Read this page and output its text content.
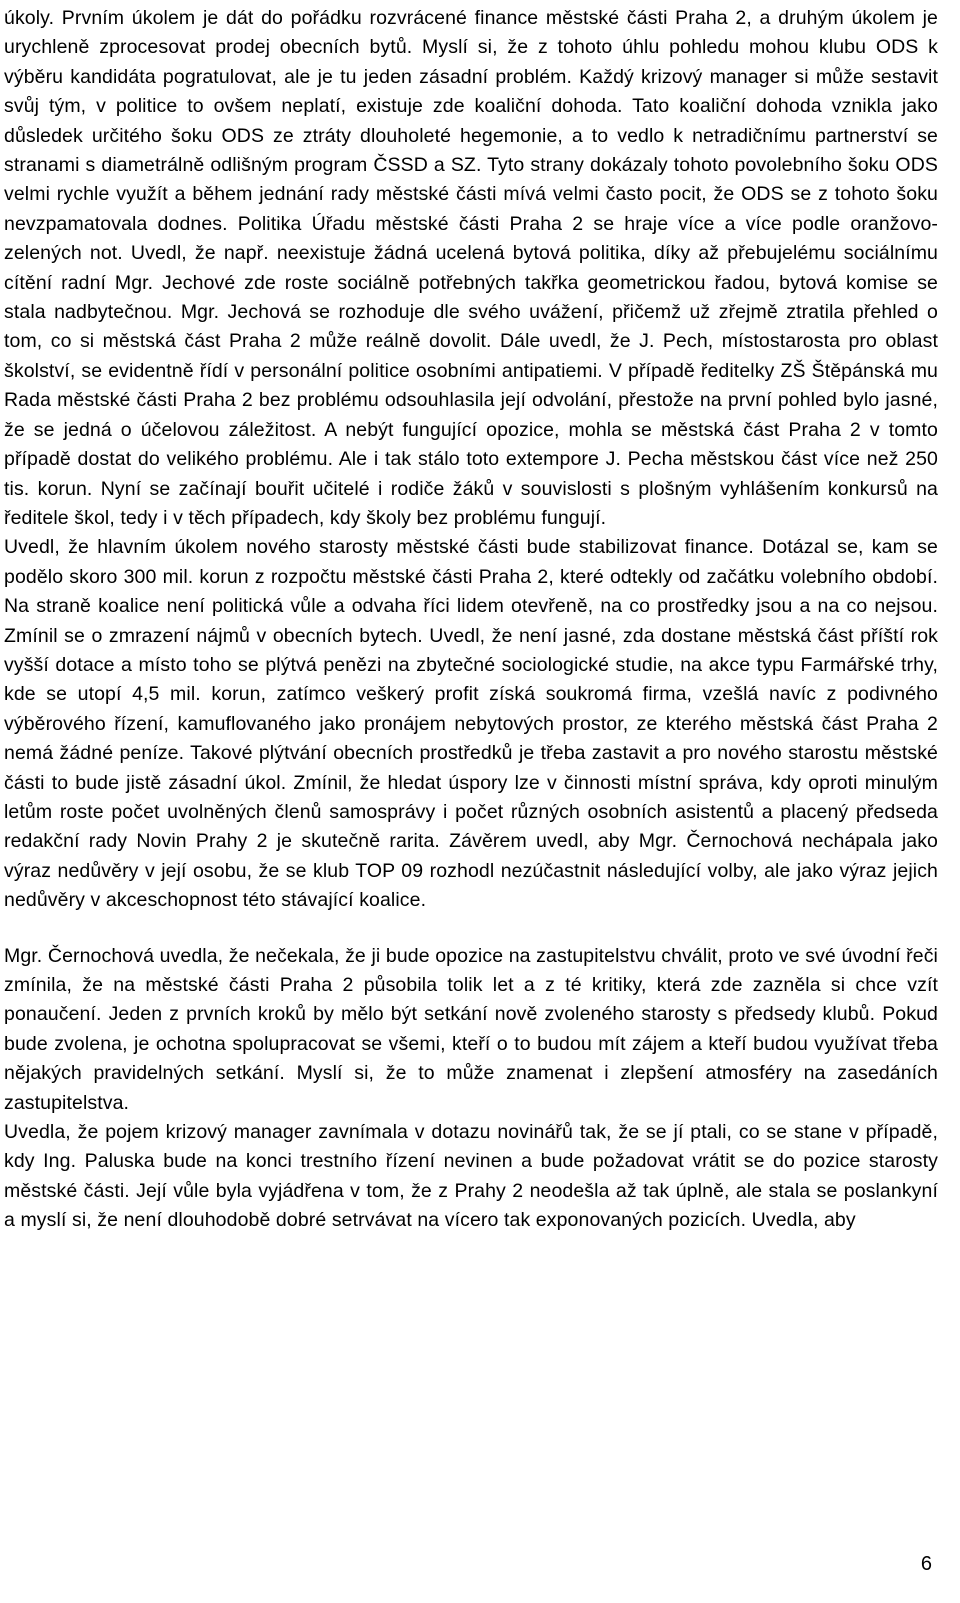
úkoly. Prvním úkolem je dát do pořádku rozvrácené finance městské části Praha 2, a druhým úkolem je urychleně zprocesovat prodej obecních bytů. Myslí si, že z tohoto úhlu pohledu mohou klubu ODS k výběru kandidáta pogratulovat, ale je tu jeden zásadní problém. Každý krizový manager si může sestavit svůj tým, v politice to ovšem neplatí, existuje zde koaliční dohoda. Tato koaliční dohoda vznikla jako důsledek určitého šoku ODS ze ztráty dlouholeté hegemonie, a to vedlo k netradičnímu partnerství se stranami s diametrálně odlišným program ČSSD a SZ. Tyto strany dokázaly tohoto povolebního šoku ODS velmi rychle využít a během jednání rady městské části mívá velmi často pocit, že ODS se z tohoto šoku nevzpamatovala dodnes. Politika Úřadu městské části Praha 2 se hraje více a více podle oranžovo-zelených not. Uvedl, že např. neexistuje žádná ucelená bytová politika, díky až přebujelému sociálnímu cítění radní Mgr. Jechové zde roste sociálně potřebných takřka geometrickou řadou, bytová komise se stala nadbytečnou. Mgr. Jechová se rozhoduje dle svého uvážení, přičemž už zřejmě ztratila přehled o tom, co si městská část Praha 2 může reálně dovolit. Dále uvedl, že J. Pech, místostarosta pro oblast školství, se evidentně řídí v personální politice osobními antipatiemi. V případě ředitelky ZŠ Štěpánská mu Rada městské části Praha 2 bez problému odsouhlasila její odvolání, přestože na první pohled bylo jasné, že se jedná o účelovou záležitost. A nebýt fungující opozice, mohla se městská část Praha 2 v tomto případě dostat do velikého problému. Ale i tak stálo toto extempore J. Pecha městskou část více než 250 tis. korun. Nyní se začínají bouřit učitelé i rodiče žáků v souvislosti s plošným vyhlášením konkursů na ředitele škol, tedy i v těch případech, kdy školy bez problému fungují.

Uvedl, že hlavním úkolem nového starosty městské části bude stabilizovat finance. Dotázal se, kam se podělo skoro 300 mil. korun z rozpočtu městské části Praha 2, které odtekly od začátku volebního období. Na straně koalice není politická vůle a odvaha říci lidem otevřeně, na co prostředky jsou a na co nejsou. Zmínil se o zmrazení nájmů v obecních bytech. Uvedl, že není jasné, zda dostane městská část příští rok vyšší dotace a místo toho se plýtvá penězi na zbytečné sociologické studie, na akce typu Farmářské trhy, kde se utopí 4,5 mil. korun, zatímco veškerý profit získá soukromá firma, vzešlá navíc z podivného výběrového řízení, kamuflovaného jako pronájem nebytových prostor, ze kterého městská část Praha 2 nemá žádné peníze. Takové plýtvání obecních prostředků je třeba zastavit a pro nového starostu městské části to bude jistě zásadní úkol. Zmínil, že hledat úspory lze v činnosti místní správa, kdy oproti minulým letům roste počet uvolněných členů samosprávy i počet různých osobních asistentů a placený předseda redakční rady Novin Prahy 2 je skutečně rarita. Závěrem uvedl, aby Mgr. Černochová nechápala jako výraz nedůvěry v její osobu, že se klub TOP 09 rozhodl nezúčastnit následující volby, ale jako výraz jejich nedůvěry v akceschopnost této stávající koalice.

Mgr. Černochová uvedla, že nečekala, že ji bude opozice na zastupitelstvu chválit, proto ve své úvodní řeči zmínila, že na městské části Praha 2 působila tolik let a z té kritiky, která zde zazněla si chce vzít ponaučení. Jeden z prvních kroků by mělo být setkání nově zvoleného starosty s předsedy klubů. Pokud bude zvolena, je ochotna spolupracovat se všemi, kteří o to budou mít zájem a kteří budou využívat třeba nějakých pravidelných setkání. Myslí si, že to může znamenat i zlepšení atmosféry na zasedáních zastupitelstva.

Uvedla, že pojem krizový manager zavnímala v dotazu novinářů tak, že se jí ptali, co se stane v případě, kdy Ing. Paluska bude na konci trestního řízení nevinen a bude požadovat vrátit se do pozice starosty městské části. Její vůle byla vyjádřena v tom, že z Prahy 2 neodešla až tak úplně, ale stala se poslankyní a myslí si, že není dlouhodobě dobré setrvávat na vícero tak exponovaných pozicích. Uvedla, aby

6
